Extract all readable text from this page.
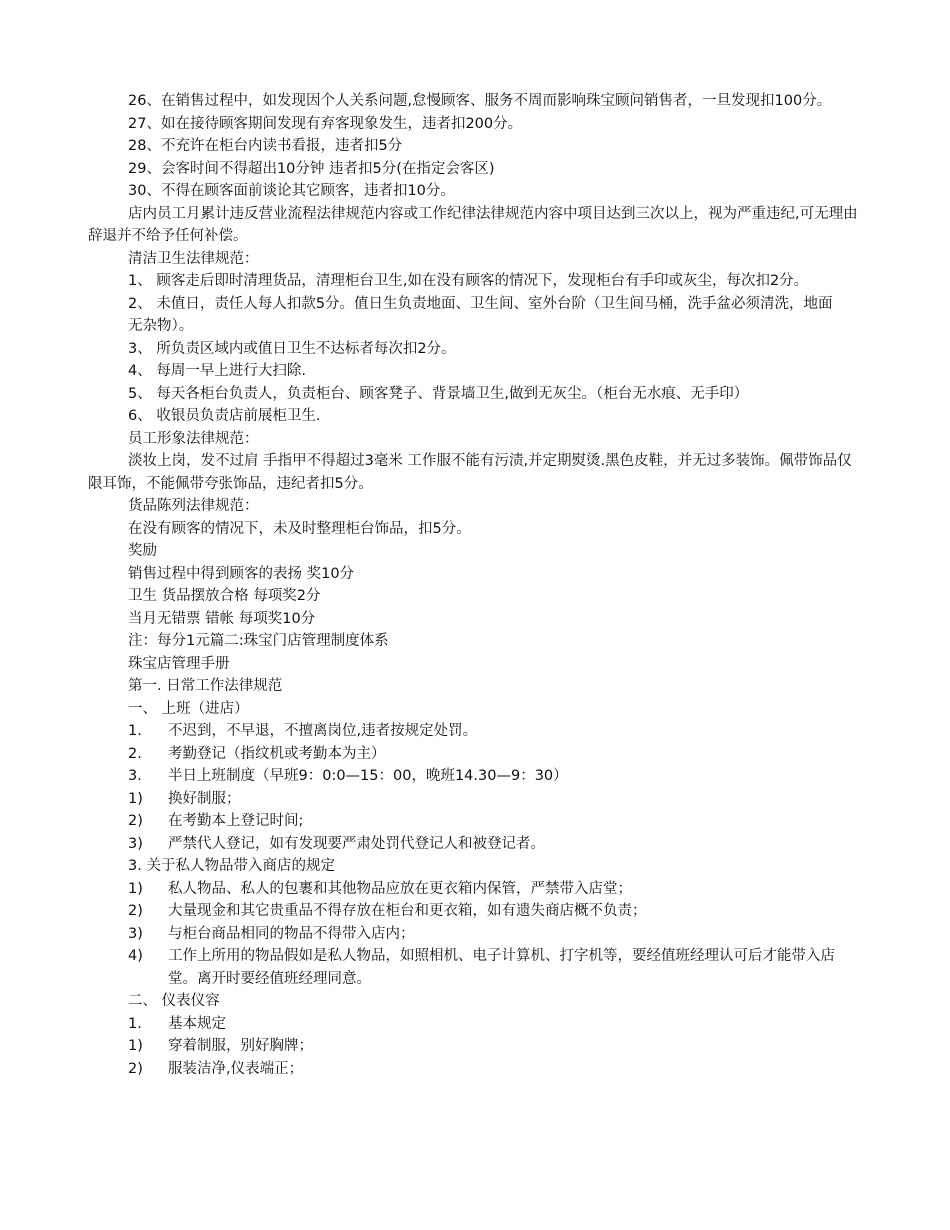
26、在销售过程中，如发现因个人关系问题,怠慢顾客、服务不周而影响珠宝顾问销售者，一旦发现扣100分。
27、如在接待顾客期间发现有弃客现象发生，违者扣200分。
28、不充许在柜台内读书看报，违者扣5分
29、会客时间不得超出10分钟 违者扣5分(在指定会客区)
30、不得在顾客面前谈论其它顾客，违者扣10分。
店内员工月累计违反营业流程法律规范内容或工作纪律法律规范内容中项目达到三次以上，视为严重违纪,可无理由辞退并不给予任何补偿。
清洁卫生法律规范：
1、 顾客走后即时清理货品，清理柜台卫生,如在没有顾客的情况下，发现柜台有手印或灰尘，每次扣2分。
2、 未值日，责任人每人扣款5分。值日生负责地面、卫生间、室外台阶（卫生间马桶，洗手盆必须清洗，地面
无杂物）。
3、 所负责区域内或值日卫生不达标者每次扣2分。
4、 每周一早上进行大扫除.
5、 每天各柜台负责人，负责柜台、顾客凳子、背景墙卫生,做到无灰尘。（柜台无水痕、无手印）
6、 收银员负责店前展柜卫生.
员工形象法律规范：
淡妆上岗，发不过肩 手指甲不得超过3毫米 工作服不能有污渍,并定期熨烫.黑色皮鞋，并无过多装饰。佩带饰品仅限耳饰，不能佩带夸张饰品，违纪者扣5分。
货品陈列法律规范：
在没有顾客的情况下，未及时整理柜台饰品，扣5分。
奖励
销售过程中得到顾客的表扬 奖10分
卫生 货品摆放合格 每项奖2分
当月无错票 错帐 每项奖10分
注：每分1元篇二:珠宝门店管理制度体系
珠宝店管理手册
第一. 日常工作法律规范
一、 上班（进店）
1.	不迟到，不早退，不擅离岗位,违者按规定处罚。
2.	考勤登记（指纹机或考勤本为主）
3.	半日上班制度（早班9：0:0—15：00，晚班14.30—9：30）
1)	换好制服；
2)	在考勤本上登记时间;
3)	严禁代人登记，如有发现要严肃处罚代登记人和被登记者。
3. 关于私人物品带入商店的规定
1)	私人物品、私人的包裹和其他物品应放在更衣箱内保管，严禁带入店堂；
2)	大量现金和其它贵重品不得存放在柜台和更衣箱，如有遗失商店概不负责；
3)	与柜台商品相同的物品不得带入店内；
4)	工作上所用的物品假如是私人物品，如照相机、电子计算机、打字机等，要经值班经理认可后才能带入店堂。离开时要经值班经理同意。
二、 仪表仪容
1.	基本规定
1)	穿着制服，别好胸牌；
2)	服装洁净,仪表端正；
